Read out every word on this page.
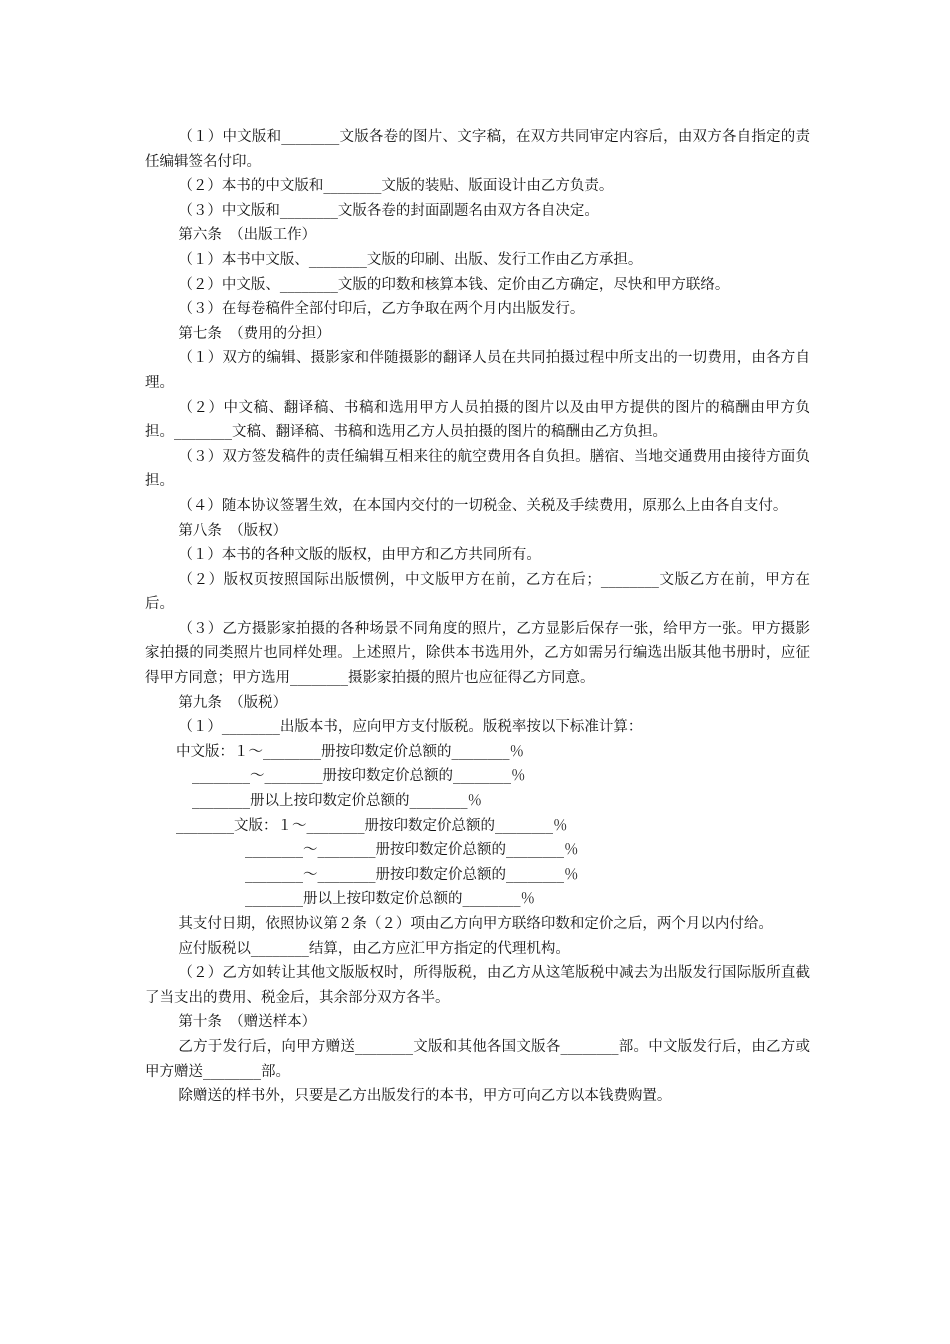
（１）中文版和________文版各卷的图片、文字稿，在双方共同审定内容后，由双方各自指定的责任编辑签名付印。

（２）本书的中文版和________文版的装贴、版面设计由乙方负责。

（３）中文版和________文版各卷的封面副题名由双方各自决定。

第六条　（出版工作）

（１）本书中文版、________文版的印刷、出版、发行工作由乙方承担。

（２）中文版、________文版的印数和核算本钱、定价由乙方确定，尽快和甲方联络。

（３）在每卷稿件全部付印后，乙方争取在两个月内出版发行。

第七条　（费用的分担）

（１）双方的编辑、摄影家和伴随摄影的翻译人员在共同拍摄过程中所支出的一切费用，由各方自理。

（２）中文稿、翻译稿、书稿和选用甲方人员拍摄的图片以及由甲方提供的图片的稿酬由甲方负担。________文稿、翻译稿、书稿和选用乙方人员拍摄的图片的稿酬由乙方负担。

（３）双方签发稿件的责任编辑互相来往的航空费用各自负担。膳宿、当地交通费用由接待方面负担。

（４）随本协议签署生效，在本国内交付的一切税金、关税及手续费用，原那么上由各自支付。

第八条　（版权）

（１）本书的各种文版的版权，由甲方和乙方共同所有。

（２）版权页按照国际出版惯例，中文版甲方在前，乙方在后；________文版乙方在前，甲方在后。

（３）乙方摄影家拍摄的各种场景不同角度的照片，乙方显影后保存一张，给甲方一张。甲方摄影家拍摄的同类照片也同样处理。上述照片，除供本书选用外，乙方如需另行编选出版其他书册时，应征得甲方同意；甲方选用________摄影家拍摄的照片也应征得乙方同意。

第九条　（版税）

（１）________出版本书，应向甲方支付版税。版税率按以下标准计算：

中文版：１～________册按印数定价总额的________％

________～________册按印数定价总额的________％

________册以上按印数定价总额的________％

________文版：１～________册按印数定价总额的________％

________～________册按印数定价总额的________％

________～________册按印数定价总额的________％

________册以上按印数定价总额的________％

其支付日期，依照协议第２条（２）项由乙方向甲方联络印数和定价之后，两个月以内付给。

应付版税以________结算，由乙方应汇甲方指定的代理机构。

（２）乙方如转让其他文版版权时，所得版税，由乙方从这笔版税中减去为出版发行国际版所直截了当支出的费用、税金后，其余部分双方各半。

第十条　（赠送样本）

乙方于发行后，向甲方赠送________文版和其他各国文版各________部。中文版发行后，由乙方或甲方赠送________部。

除赠送的样书外，只要是乙方出版发行的本书，甲方可向乙方以本钱费购置。
